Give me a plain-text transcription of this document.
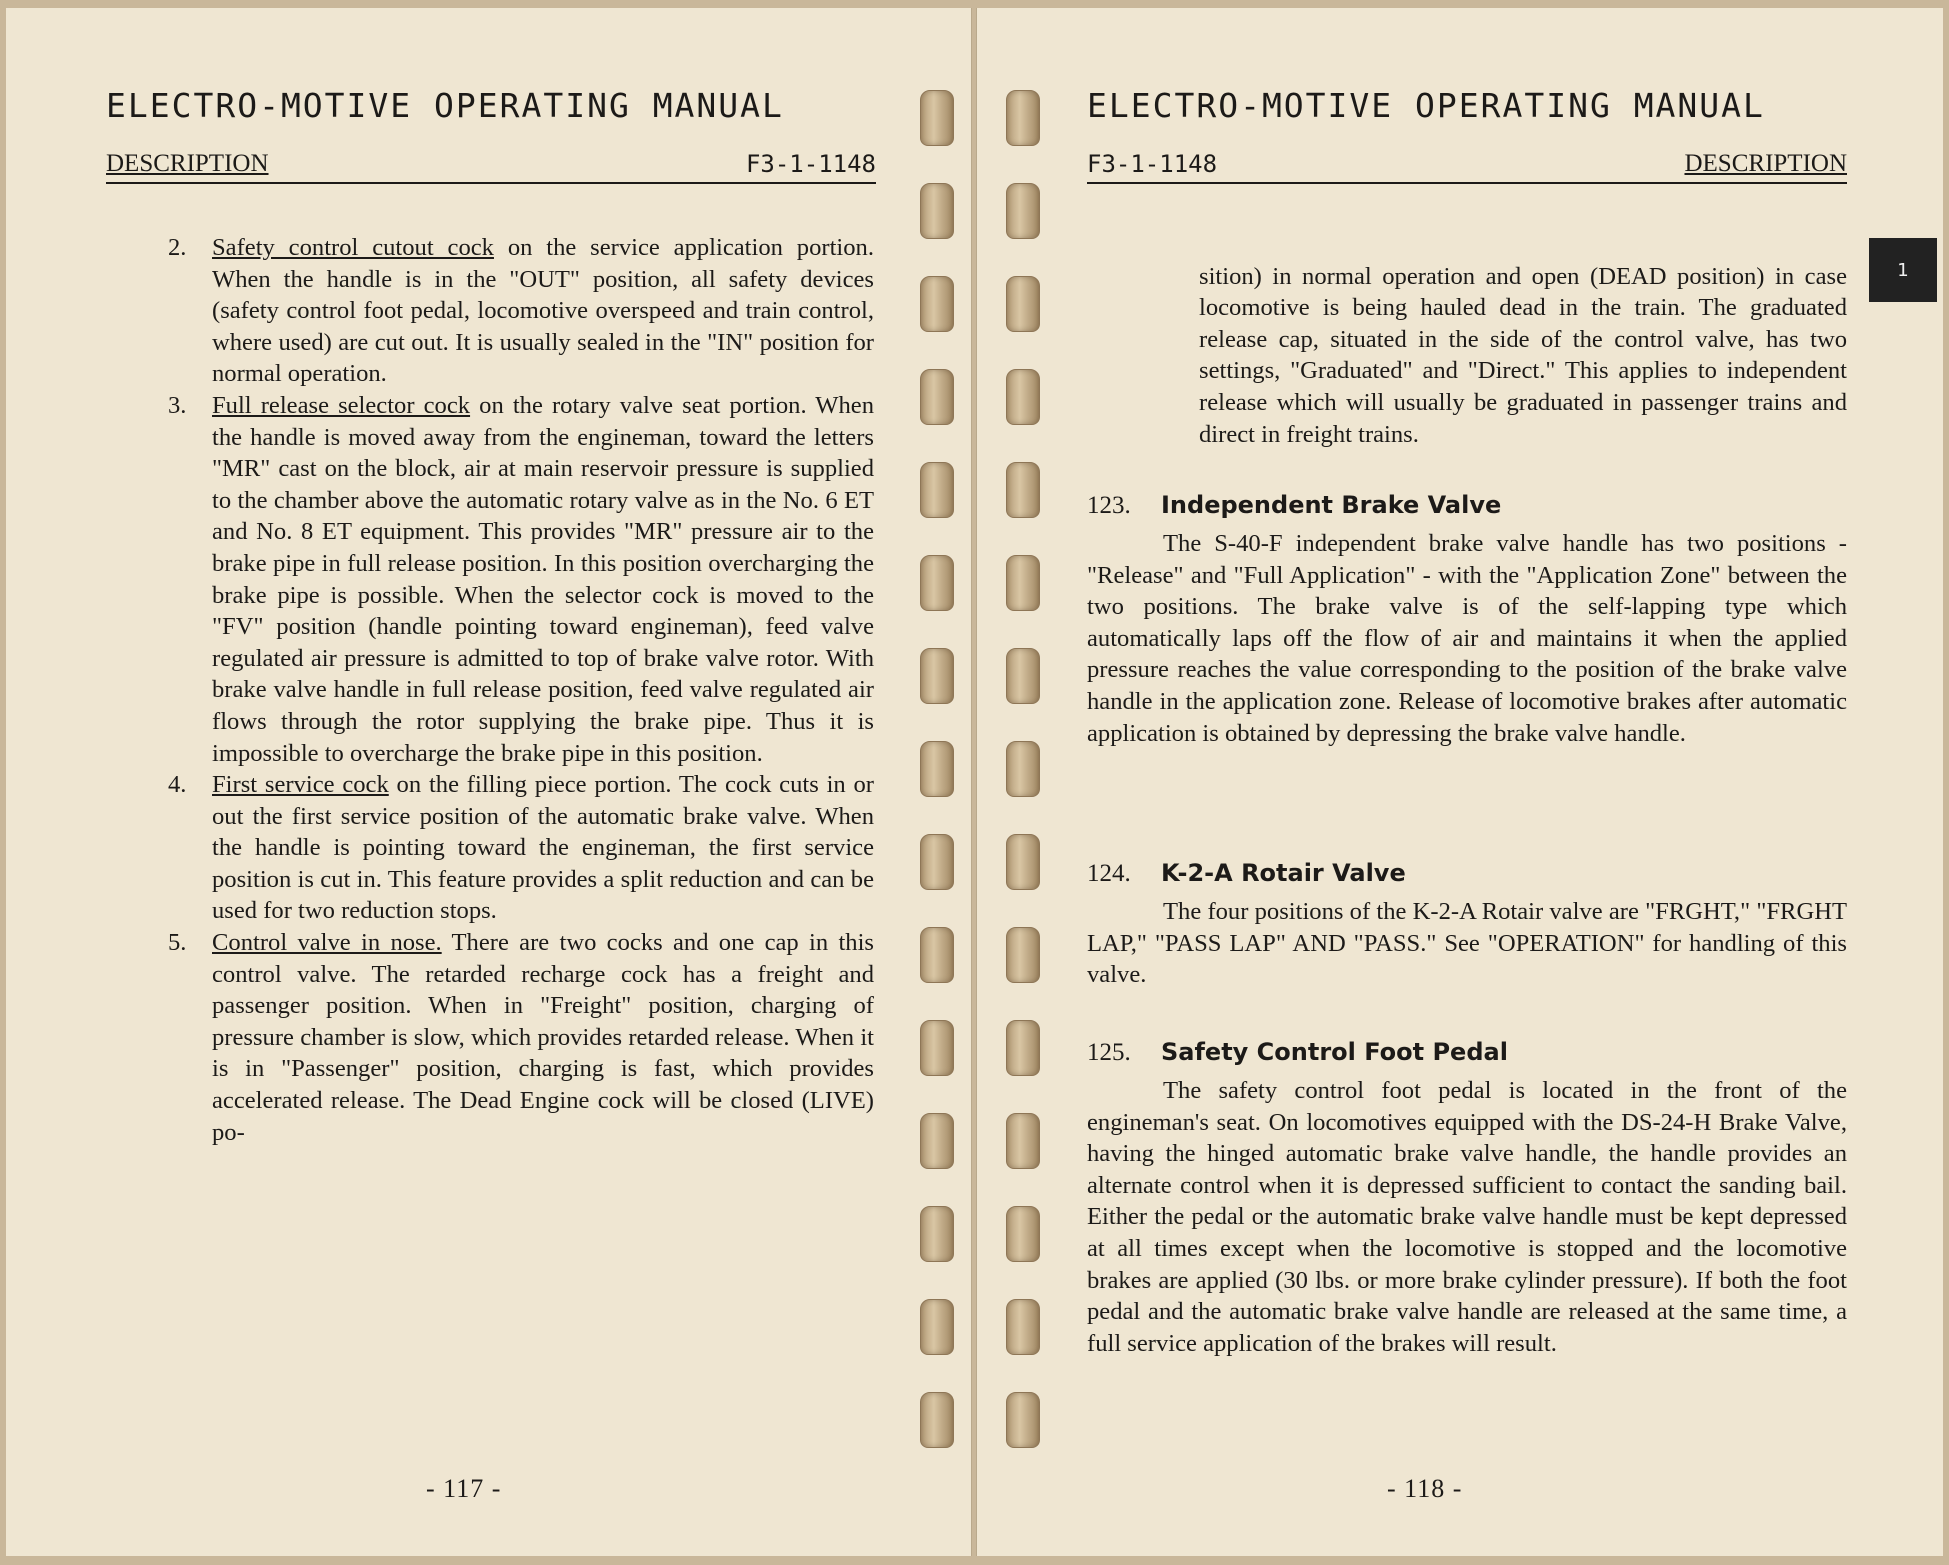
ELECTRO-MOTIVE OPERATING MANUAL
DESCRIPTION	F3-1-1148

2. Safety control cutout cock on the service application portion. When the handle is in the "OUT" position, all safety devices (safety control foot pedal, locomotive overspeed and train control, where used) are cut out. It is usually sealed in the "IN" position for normal operation.

3. Full release selector cock on the rotary valve seat portion. When the handle is moved away from the engineman, toward the letters "MR" cast on the block, air at main reservoir pressure is supplied to the chamber above the automatic rotary valve as in the No. 6 ET and No. 8 ET equipment. This provides "MR" pressure air to the brake pipe in full release position. In this position overcharging the brake pipe is possible. When the selector cock is moved to the "FV" position (handle pointing toward engineman), feed valve regulated air pressure is admitted to top of brake valve rotor. With brake valve handle in full release position, feed valve regulated air flows through the rotor supplying the brake pipe. Thus it is impossible to overcharge the brake pipe in this position.

4. First service cock on the filling piece portion. The cock cuts in or out the first service position of the automatic brake valve. When the handle is pointing toward the engineman, the first service position is cut in. This feature provides a split reduction and can be used for two reduction stops.

5. Control valve in nose. There are two cocks and one cap in this control valve. The retarded recharge cock has a freight and passenger position. When in "Freight" position, charging of pressure chamber is slow, which provides retarded release. When it is in "Passenger" position, charging is fast, which provides accelerated release. The Dead Engine cock will be closed (LIVE) po-

- 117 -
ELECTRO-MOTIVE OPERATING MANUAL
F3-1-1148	DESCRIPTION

sition) in normal operation and open (DEAD position) in case locomotive is being hauled dead in the train. The graduated release cap, situated in the side of the control valve, has two settings, "Graduated" and "Direct." This applies to independent release which will usually be graduated in passenger trains and direct in freight trains.

123. Independent Brake Valve

The S-40-F independent brake valve handle has two positions - "Release" and "Full Application" - with the "Application Zone" between the two positions. The brake valve is of the self-lapping type which automatically laps off the flow of air and maintains it when the applied pressure reaches the value corresponding to the position of the brake valve handle in the application zone. Release of locomotive brakes after automatic application is obtained by depressing the brake valve handle.

124. K-2-A Rotair Valve

The four positions of the K-2-A Rotair valve are "FRGHT," "FRGHT LAP," "PASS LAP" AND "PASS." See "OPERATION" for handling of this valve.

125. Safety Control Foot Pedal

The safety control foot pedal is located in the front of the engineman's seat. On locomotives equipped with the DS-24-H Brake Valve, having the hinged automatic brake valve handle, the handle provides an alternate control when it is depressed sufficient to contact the sanding bail. Either the pedal or the automatic brake valve handle must be kept depressed at all times except when the locomotive is stopped and the locomotive brakes are applied (30 lbs. or more brake cylinder pressure). If both the foot pedal and the automatic brake valve handle are released at the same time, a full service application of the brakes will result.

- 118 -
1
